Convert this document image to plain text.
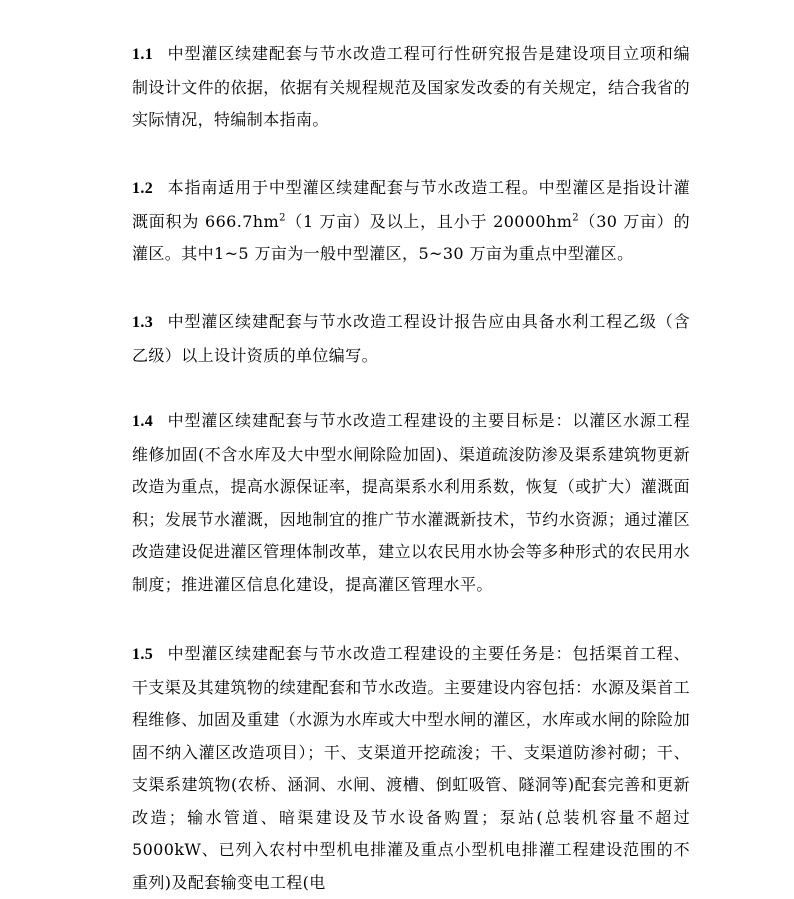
1.1 中型灌区续建配套与节水改造工程可行性研究报告是建设项目立项和编制设计文件的依据，依据有关规程规范及国家发改委的有关规定，结合我省的实际情况，特编制本指南。

1.2 本指南适用于中型灌区续建配套与节水改造工程。中型灌区是指设计灌溉面积为 $666.7hm^2(1$ 万亩）及以上，且小于 $20000hm^2(30$ 万亩）的灌区。其中1~5 万亩为一般中型灌区，5~30 万亩为重点中型灌区。

1.3 中型灌区续建配套与节水改造工程设计报告应由具备水利工程乙级（含乙级）以上设计资质的单位编写。

1.4 中型灌区续建配套与节水改造工程建设的主要目标是：以灌区水源工程维修加固(不含水库及大中型水闸除险加固)、渠道疏浚防渗及渠系建筑物更新改造为重点，提高水源保证率，提高渠系水利用系数，恢复（或扩大）灌溉面积；发展节水灌溉，因地制宜的推广节水灌溉新技术，节约水资源；通过灌区改造建设促进灌区管理体制改革，建立以农民用水协会等多种形式的农民用水制度；推进灌区信息化建设，提高灌区管理水平。

1.5 中型灌区续建配套与节水改造工程建设的主要任务是：包括渠首工程、干支渠及其建筑物的续建配套和节水改造。主要建设内容包括：水源及渠首工程维修、加固及重建（水源为水库或大中型水闸的灌区，水库或水闸的除险加固不纳入灌区改造项目）；干、支渠道开挖疏浚；干、支渠道防渗衬砌；干、支渠系建筑物(农桥、涵洞、水闸、渡槽、倒虹吸管、隧洞等)配套完善和更新改造；输水管道、暗渠建设及节水设备购置；泵站(总装机容量不超过 5000kW、已列入农村中型机电排灌及重点小型机电排灌工程建设范围的不重列)及配套输变电工程(电
